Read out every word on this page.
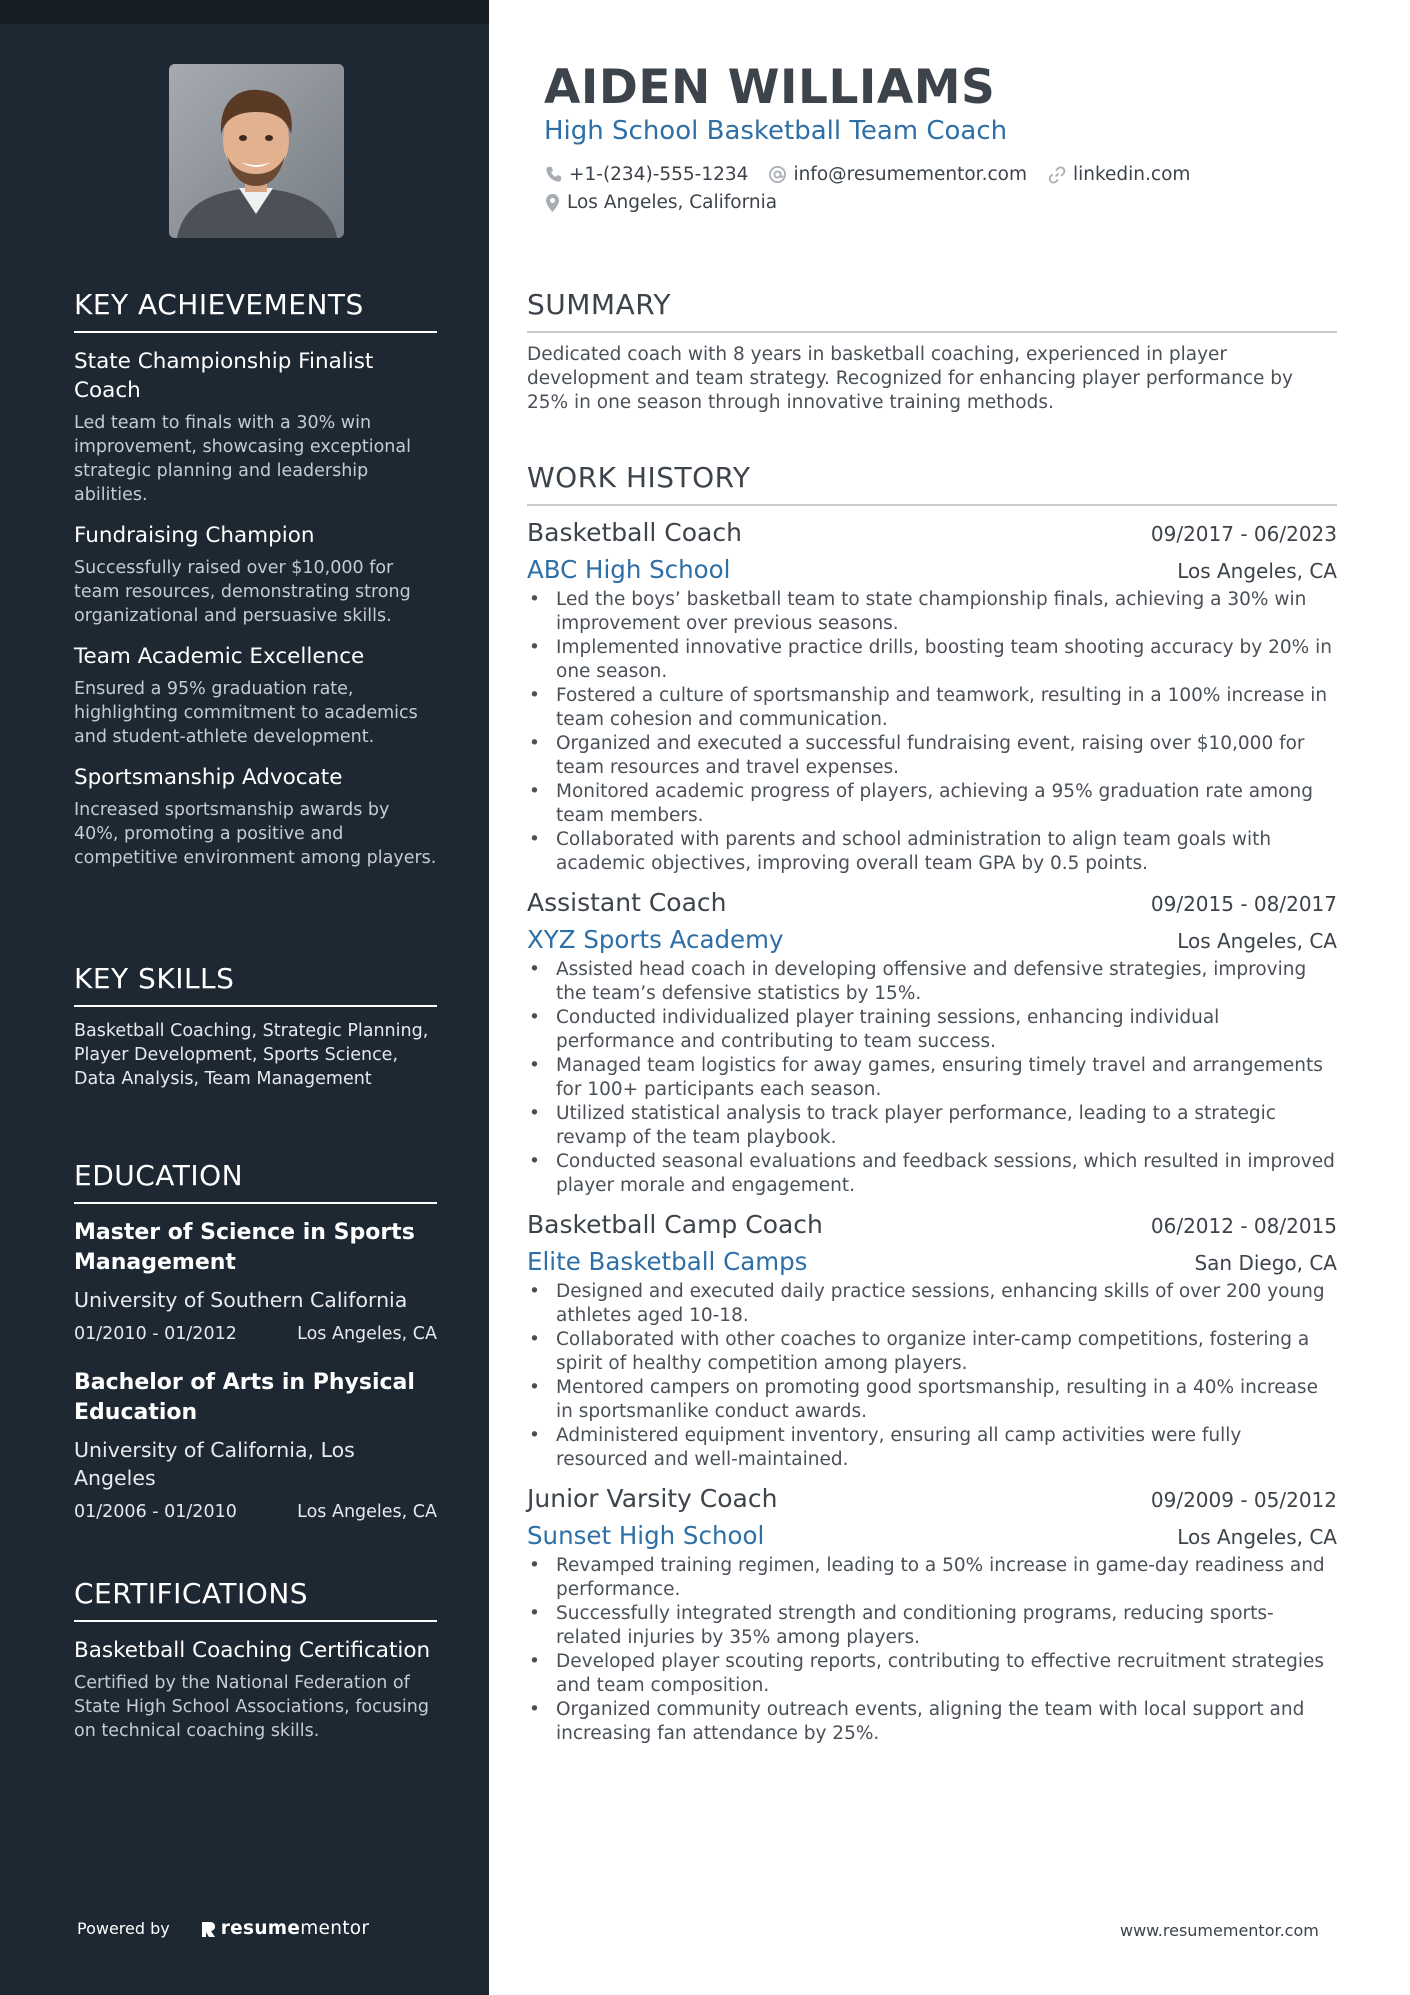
KEY ACHIEVEMENTS
State Championship Finalist Coach
Led team to finals with a 30% win improvement, showcasing exceptional strategic planning and leadership abilities.
Fundraising Champion
Successfully raised over $10,000 for team resources, demonstrating strong organizational and persuasive skills.
Team Academic Excellence
Ensured a 95% graduation rate, highlighting commitment to academics and student-athlete development.
Sportsmanship Advocate
Increased sportsmanship awards by 40%, promoting a positive and competitive environment among players.
KEY SKILLS
Basketball Coaching, Strategic Planning, Player Development, Sports Science, Data Analysis, Team Management
EDUCATION
Master of Science in Sports Management
University of Southern California
01/2010 - 01/2012	Los Angeles, CA
Bachelor of Arts in Physical Education
University of California, Los Angeles
01/2006 - 01/2010	Los Angeles, CA
CERTIFICATIONS
Basketball Coaching Certification
Certified by the National Federation of State High School Associations, focusing on technical coaching skills.
Powered by	resume mentor
AIDEN WILLIAMS
High School Basketball Team Coach
+1-(234)-555-1234 info@resumementor.com linkedin.com
Los Angeles, California
SUMMARY
Dedicated coach with 8 years in basketball coaching, experienced in player development and team strategy. Recognized for enhancing player performance by 25% in one season through innovative training methods.
WORK HISTORY
Basketball Coach	09/2017 - 06/2023
ABC High School	Los Angeles, CA
• Led the boys’ basketball team to state championship finals, achieving a 30% win improvement over previous seasons.
• Implemented innovative practice drills, boosting team shooting accuracy by 20% in one season.
• Fostered a culture of sportsmanship and teamwork, resulting in a 100% increase in team cohesion and communication.
• Organized and executed a successful fundraising event, raising over $10,000 for team resources and travel expenses.
• Monitored academic progress of players, achieving a 95% graduation rate among team members.
• Collaborated with parents and school administration to align team goals with academic objectives, improving overall team GPA by 0.5 points.
Assistant Coach	09/2015 - 08/2017
XYZ Sports Academy	Los Angeles, CA
• Assisted head coach in developing offensive and defensive strategies, improving the team’s defensive statistics by 15%.
• Conducted individualized player training sessions, enhancing individual performance and contributing to team success.
• Managed team logistics for away games, ensuring timely travel and arrangements for 100+ participants each season.
• Utilized statistical analysis to track player performance, leading to a strategic revamp of the team playbook.
• Conducted seasonal evaluations and feedback sessions, which resulted in improved player morale and engagement.
Basketball Camp Coach	06/2012 - 08/2015
Elite Basketball Camps	San Diego, CA
• Designed and executed daily practice sessions, enhancing skills of over 200 young athletes aged 10-18.
• Collaborated with other coaches to organize inter-camp competitions, fostering a spirit of healthy competition among players.
• Mentored campers on promoting good sportsmanship, resulting in a 40% increase in sportsmanlike conduct awards.
• Administered equipment inventory, ensuring all camp activities were fully resourced and well-maintained.
Junior Varsity Coach	09/2009 - 05/2012
Sunset High School	Los Angeles, CA
• Revamped training regimen, leading to a 50% increase in game-day readiness and performance.
• Successfully integrated strength and conditioning programs, reducing sports-related injuries by 35% among players.
• Developed player scouting reports, contributing to effective recruitment strategies and team composition.
• Organized community outreach events, aligning the team with local support and increasing fan attendance by 25%.
www.resumementor.com
